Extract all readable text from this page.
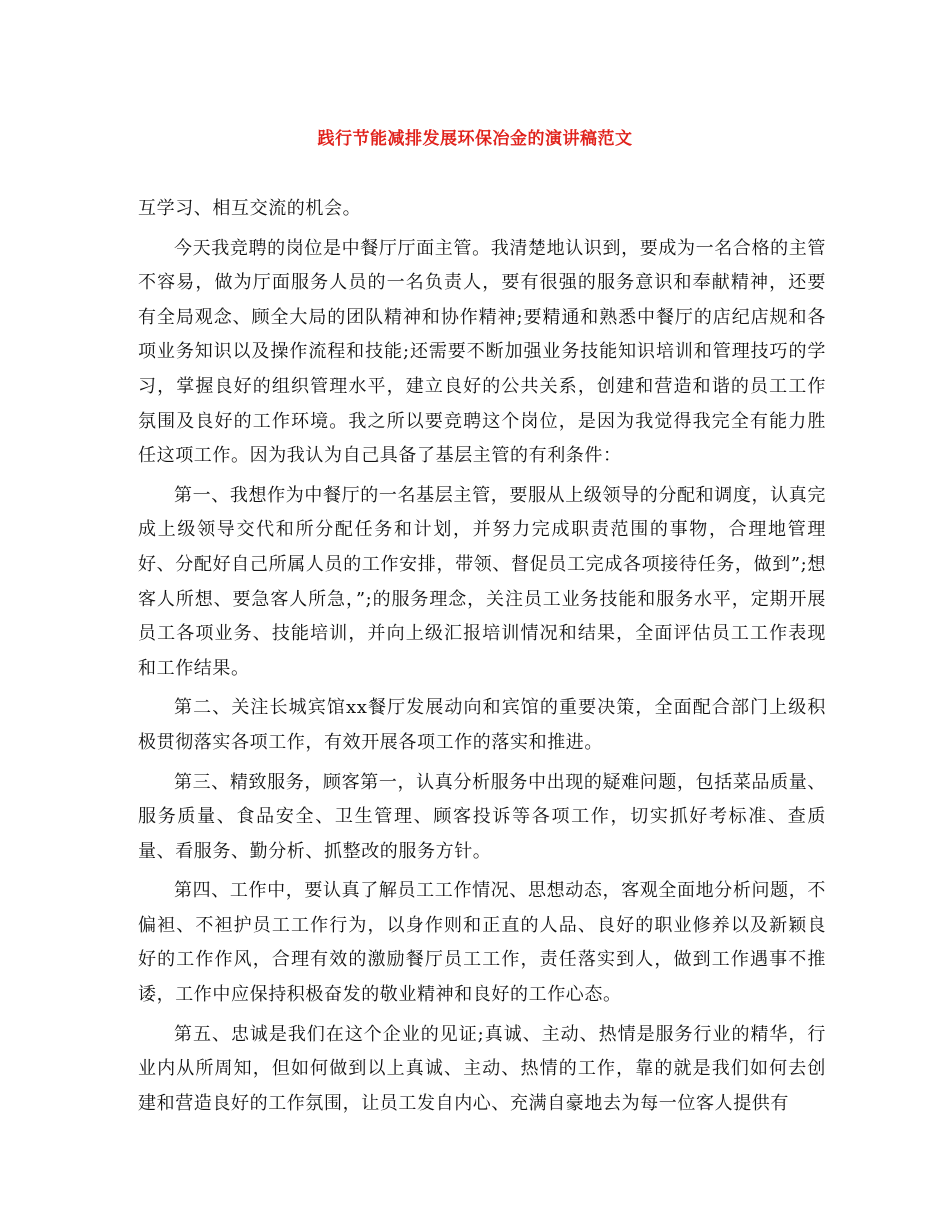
践行节能减排发展环保冶金的演讲稿范文

互学习、相互交流的机会。

今天我竞聘的岗位是中餐厅厅面主管。我清楚地认识到，要成为一名合格的主管不容易，做为厅面服务人员的一名负责人，要有很强的服务意识和奉献精神，还要有全局观念、顾全大局的团队精神和协作精神;要精通和熟悉中餐厅的店纪店规和各项业务知识以及操作流程和技能;还需要不断加强业务技能知识培训和管理技巧的学习，掌握良好的组织管理水平，建立良好的公共关系，创建和营造和谐的员工工作氛围及良好的工作环境。我之所以要竞聘这个岗位，是因为我觉得我完全有能力胜任这项工作。因为我认为自己具备了基层主管的有利条件：

第一、我想作为中餐厅的一名基层主管，要服从上级领导的分配和调度，认真完成上级领导交代和所分配任务和计划，并努力完成职责范围的事物，合理地管理好、分配好自己所属人员的工作安排，带领、督促员工完成各项接待任务，做到”;想客人所想、要急客人所急，”;的服务理念，关注员工业务技能和服务水平，定期开展员工各项业务、技能培训，并向上级汇报培训情况和结果，全面评估员工工作表现和工作结果。

第二、关注长城宾馆xx餐厅发展动向和宾馆的重要决策，全面配合部门上级积极贯彻落实各项工作，有效开展各项工作的落实和推进。

第三、精致服务，顾客第一，认真分析服务中出现的疑难问题，包括菜品质量、服务质量、食品安全、卫生管理、顾客投诉等各项工作，切实抓好考标准、查质量、看服务、勤分析、抓整改的服务方针。

第四、工作中，要认真了解员工工作情况、思想动态，客观全面地分析问题，不偏袒、不袒护员工工作行为，以身作则和正直的人品、良好的职业修养以及新颖良好的工作作风，合理有效的激励餐厅员工工作，责任落实到人，做到工作遇事不推诿，工作中应保持积极奋发的敬业精神和良好的工作心态。

第五、忠诚是我们在这个企业的见证;真诚、主动、热情是服务行业的精华，行业内从所周知，但如何做到以上真诚、主动、热情的工作，靠的就是我们如何去创建和营造良好的工作氛围，让员工发自内心、充满自豪地去为每一位客人提供有
